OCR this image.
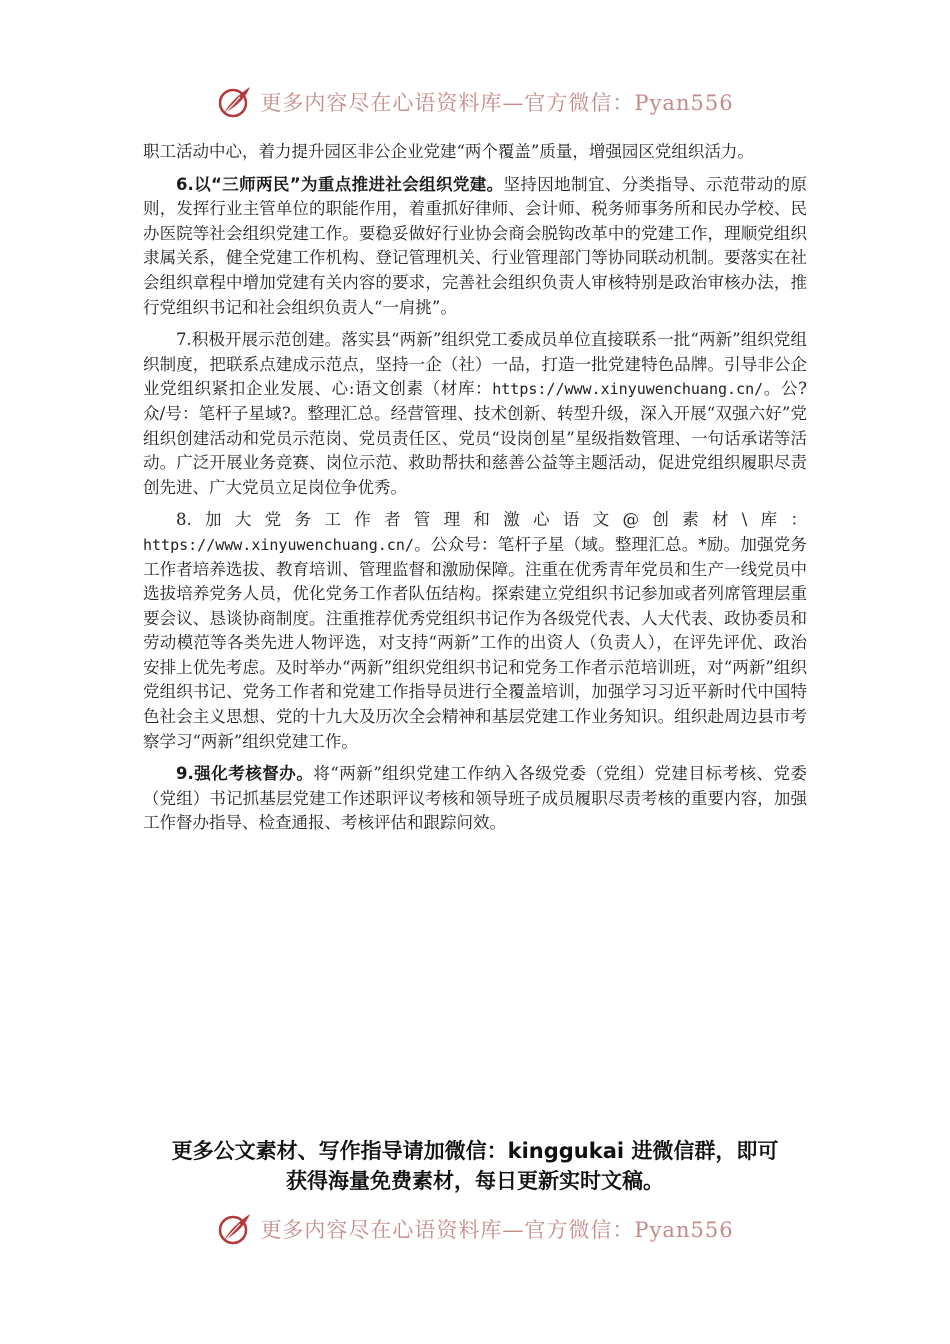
更多内容尽在心语资料库—官方微信：Pyan556

职工活动中心，着力提升园区非公企业党建“两个覆盖”质量，增强园区党组织活力。

6.以“三师两民”为重点推进社会组织党建。坚持因地制宜、分类指导、示范带动的原则，发挥行业主管单位的职能作用，着重抓好律师、会计师、税务师事务所和民办学校、民办医院等社会组织党建工作。要稳妥做好行业协会商会脱钩改革中的党建工作，理顺党组织隶属关系，健全党建工作机构、登记管理机关、行业管理部门等协同联动机制。要落实在社会组织章程中增加党建有关内容的要求，完善社会组织负责人审核特别是政治审核办法，推行党组织书记和社会组织负责人“一肩挑”。

7.积极开展示范创建。落实县“两新”组织党工委成员单位直接联系一批“两新”组织党组织制度，把联系点建成示范点，坚持一企（社）一品，打造一批党建特色品牌。引导非公企业党组织紧扣企业发展、心:语文创素（材库：https://www.xinyuwenchuang.cn/。公?众/号：笔杆子星域?。整理汇总。经营管理、技术创新、转型升级，深入开展“双强六好”党组织创建活动和党员示范岗、党员责任区、党员“设岗创星”星级指数管理、一句话承诺等活动。广泛开展业务竞赛、岗位示范、救助帮扶和慈善公益等主题活动，促进党组织履职尽责创先进、广大党员立足岗位争优秀。

8.加大党务工作者管理和激心语文@创素材\库：https://www.xinyuwenchuang.cn/。公众号：笔杆子星（域。整理汇总。*励。加强党务工作者培养选拔、教育培训、管理监督和激励保障。注重在优秀青年党员和生产一线党员中选拔培养党务人员，优化党务工作者队伍结构。探索建立党组织书记参加或者列席管理层重要会议、恳谈协商制度。注重推荐优秀党组织书记作为各级党代表、人大代表、政协委员和劳动模范等各类先进人物评选，对支持“两新”工作的出资人（负责人），在评先评优、政治安排上优先考虑。及时举办“两新”组织党组织书记和党务工作者示范培训班，对“两新”组织党组织书记、党务工作者和党建工作指导员进行全覆盖培训，加强学习习近平新时代中国特色社会主义思想、党的十九大及历次全会精神和基层党建工作业务知识。组织赴周边县市考察学习“两新”组织党建工作。

9.强化考核督办。将“两新”组织党建工作纳入各级党委（党组）党建目标考核、党委（党组）书记抓基层党建工作述职评议考核和领导班子成员履职尽责考核的重要内容，加强工作督办指导、检查通报、考核评估和跟踪问效。

更多公文素材、写作指导请加微信：kinggukai 进微信群，即可
获得海量免费素材，每日更新实时文稿。
更多内容尽在心语资料库—官方微信：Pyan556
